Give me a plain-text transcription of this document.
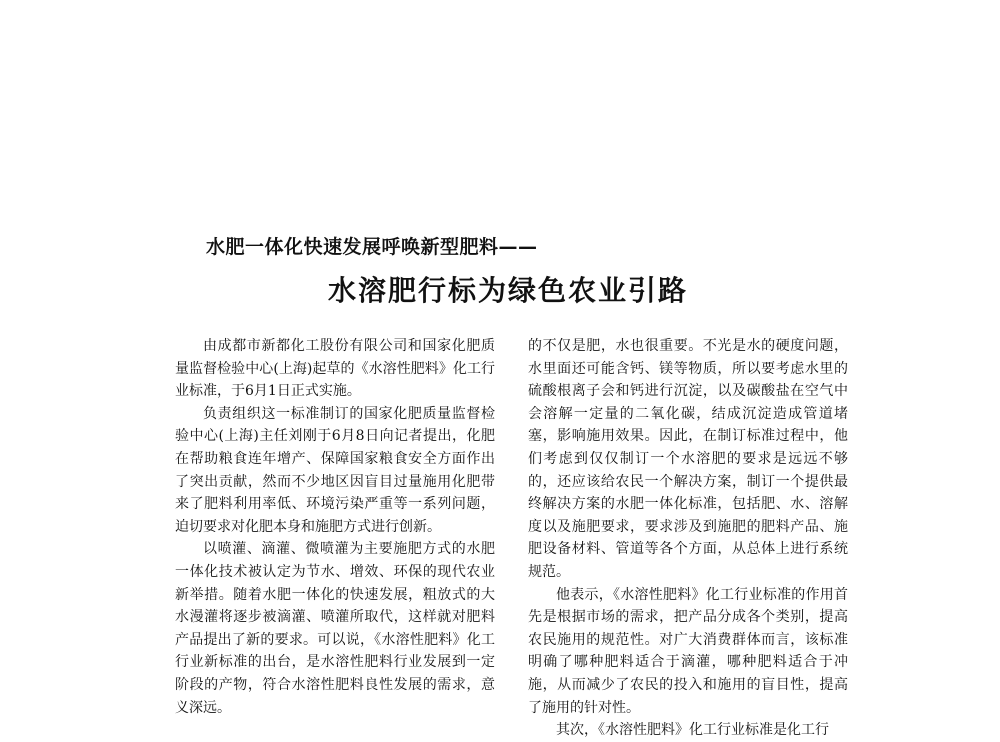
水肥一体化快速发展呼唤新型肥料——
水溶肥行标为绿色农业引路

由成都市新都化工股份有限公司和国家化肥质量监督检验中心(上海)起草的《水溶性肥料》化工行业标准，于6月1日正式实施。

负责组织这一标准制订的国家化肥质量监督检验中心(上海)主任刘刚于6月8日向记者提出，化肥在帮助粮食连年增产、保障国家粮食安全方面作出了突出贡献，然而不少地区因盲目过量施用化肥带来了肥料利用率低、环境污染严重等一系列问题，迫切要求对化肥本身和施肥方式进行创新。

以喷灌、滴灌、微喷灌为主要施肥方式的水肥一体化技术被认定为节水、增效、环保的现代农业新举措。随着水肥一体化的快速发展，粗放式的大水漫灌将逐步被滴灌、喷灌所取代，这样就对肥料产品提出了新的要求。可以说，《水溶性肥料》化工行业新标准的出台，是水溶性肥料行业发展到一定阶段的产物，符合水溶性肥料良性发展的需求，意义深远。

的不仅是肥，水也很重要。不光是水的硬度问题，水里面还可能含钙、镁等物质，所以要考虑水里的硫酸根离子会和钙进行沉淀，以及碳酸盐在空气中会溶解一定量的二氧化碳，结成沉淀造成管道堵塞，影响施用效果。因此，在制订标准过程中，他们考虑到仅仅制订一个水溶肥的要求是远远不够的，还应该给农民一个解决方案，制订一个提供最终解决方案的水肥一体化标准，包括肥、水、溶解度以及施肥要求，要求涉及到施肥的肥料产品、施肥设备材料、管道等各个方面，从总体上进行系统规范。

他表示，《水溶性肥料》化工行业标准的作用首先是根据市场的需求，把产品分成各个类别，提高农民施用的规范性。对广大消费群体而言，该标准明确了哪种肥料适合于滴灌，哪种肥料适合于冲施，从而减少了农民的投入和施用的盲目性，提高了施用的针对性。

其次，《水溶性肥料》化工行业标准是化工行
